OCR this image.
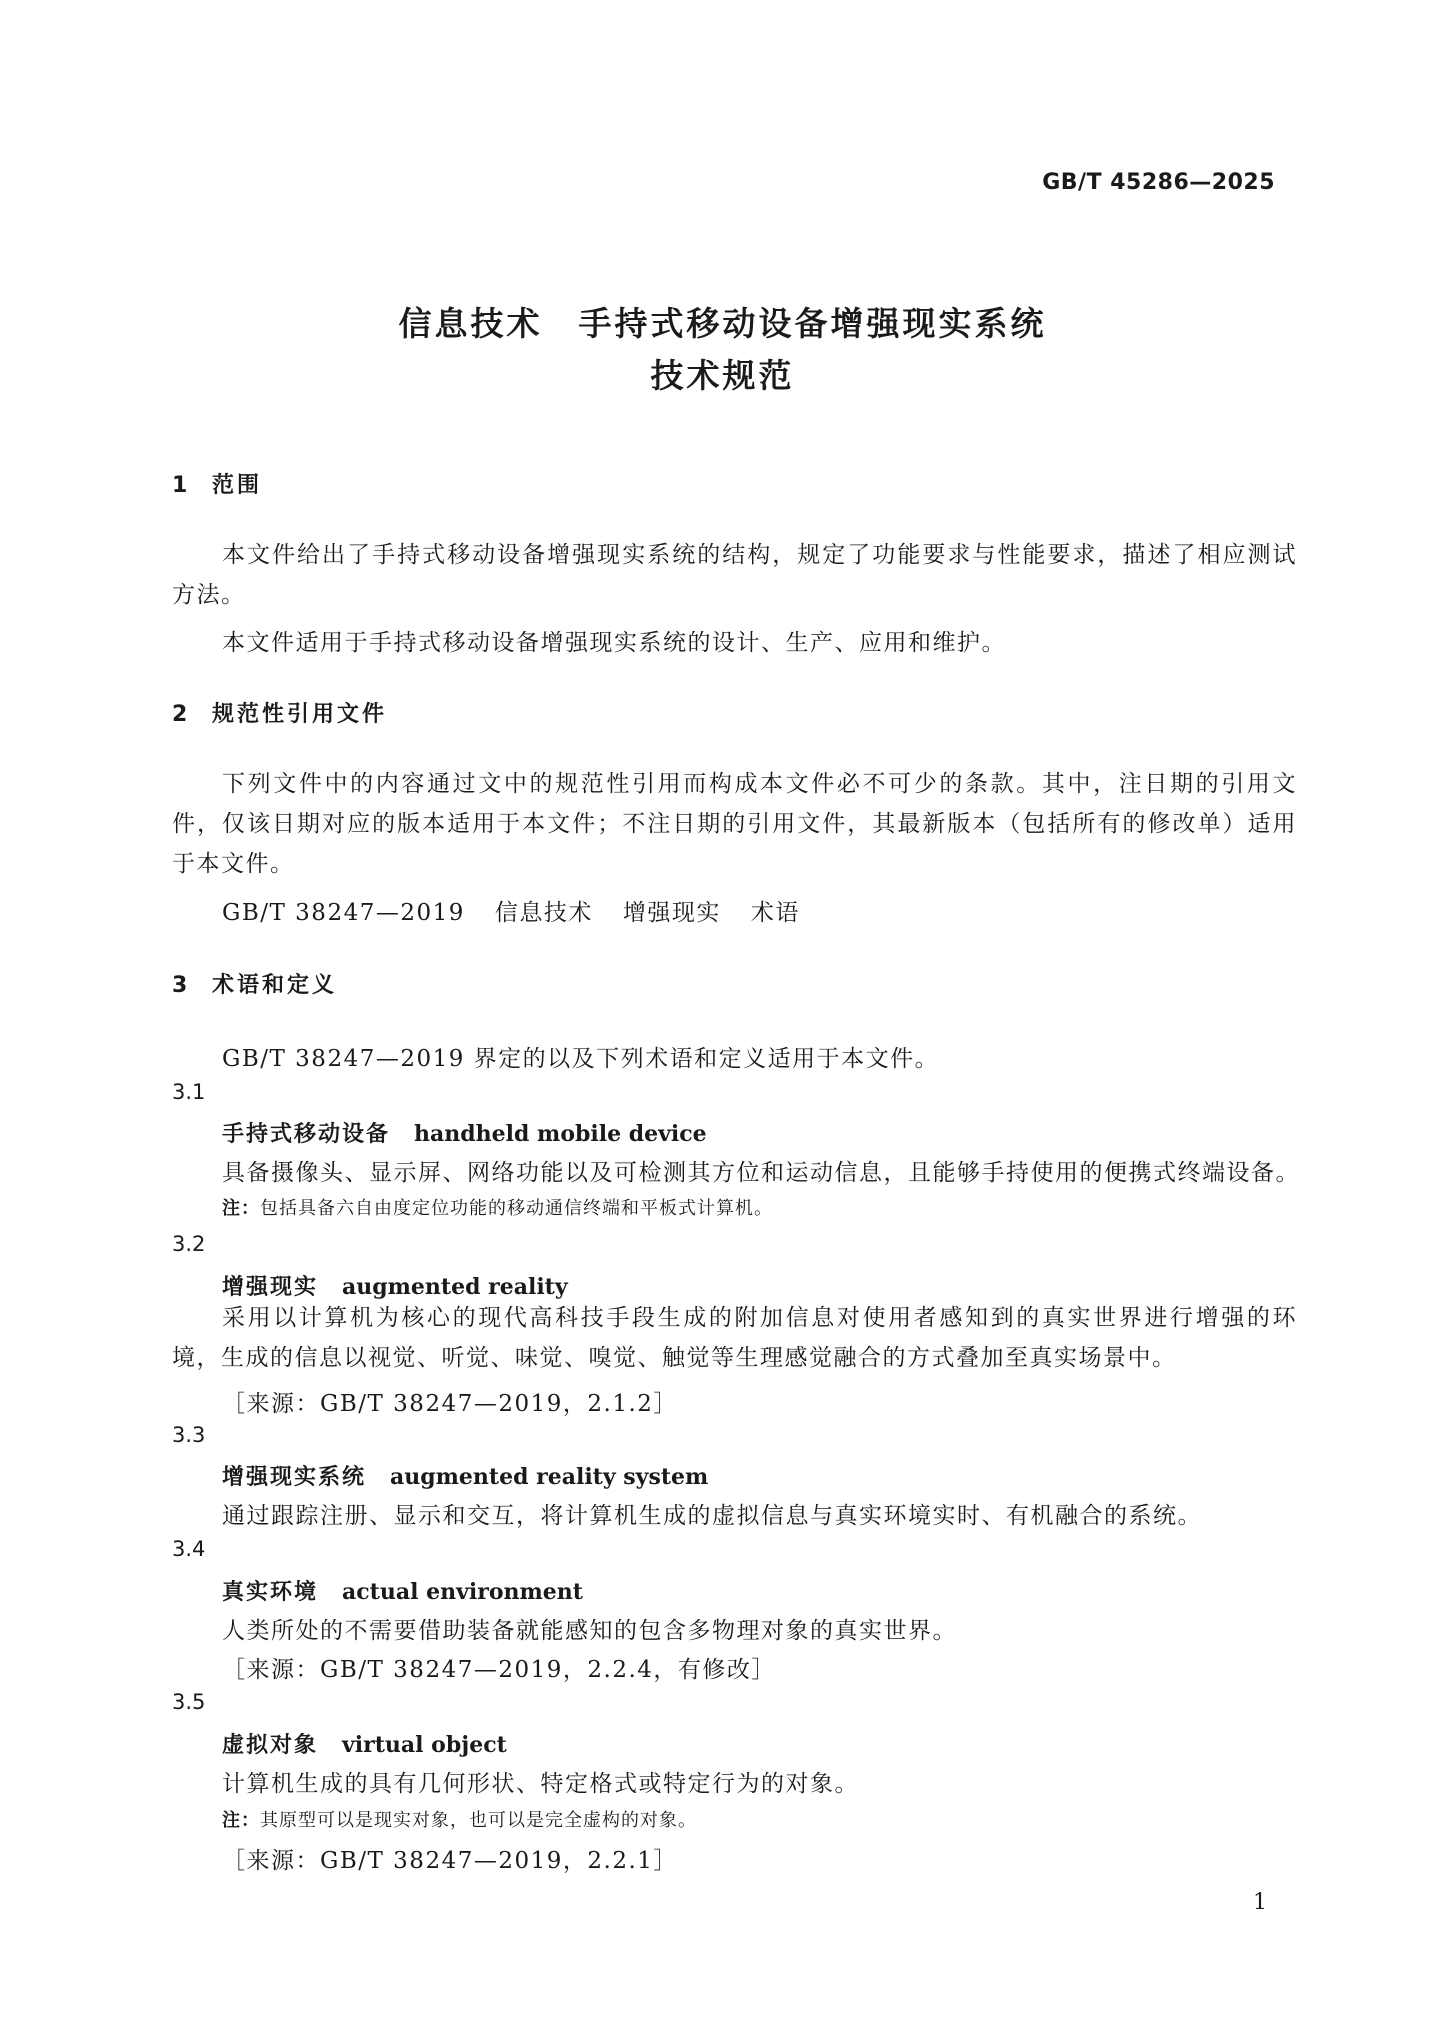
GB/T 45286—2025
信息技术 手持式移动设备增强现实系统
技术规范
1 范围
本文件给出了手持式移动设备增强现实系统的结构，规定了功能要求与性能要求，描述了相应测试方法。
本文件适用于手持式移动设备增强现实系统的设计、生产、应用和维护。
2 规范性引用文件
下列文件中的内容通过文中的规范性引用而构成本文件必不可少的条款。其中，注日期的引用文件，仅该日期对应的版本适用于本文件；不注日期的引用文件，其最新版本（包括所有的修改单）适用于本文件。
GB/T 38247—2019 信息技术 增强现实 术语
3 术语和定义
GB/T 38247—2019 界定的以及下列术语和定义适用于本文件。
3.1
手持式移动设备 handheld mobile device
具备摄像头、显示屏、网络功能以及可检测其方位和运动信息，且能够手持使用的便携式终端设备。
注：包括具备六自由度定位功能的移动通信终端和平板式计算机。
3.2
增强现实 augmented reality
采用以计算机为核心的现代高科技手段生成的附加信息对使用者感知到的真实世界进行增强的环境，生成的信息以视觉、听觉、味觉、嗅觉、触觉等生理感觉融合的方式叠加至真实场景中。
［来源：GB/T 38247—2019，2.1.2］
3.3
增强现实系统 augmented reality system
通过跟踪注册、显示和交互，将计算机生成的虚拟信息与真实环境实时、有机融合的系统。
3.4
真实环境 actual environment
人类所处的不需要借助装备就能感知的包含多物理对象的真实世界。
［来源：GB/T 38247—2019，2.2.4，有修改］
3.5
虚拟对象 virtual object
计算机生成的具有几何形状、特定格式或特定行为的对象。
注：其原型可以是现实对象，也可以是完全虚构的对象。
［来源：GB/T 38247—2019，2.2.1］
1
